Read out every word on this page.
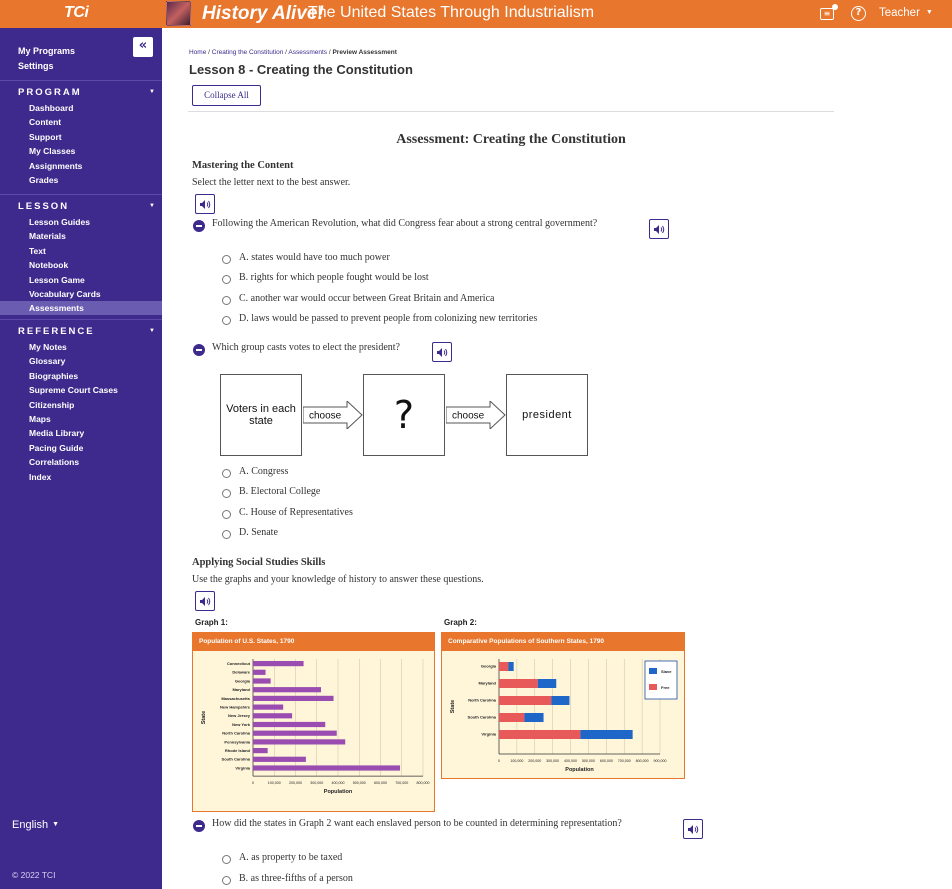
TCi	History Alive!
The United States Through Industrialism	≡	?	Teacher ▼
«
My Programs
Settings
PROGRAM	▼
Dashboard
Content
Support
My Classes
Assignments
Grades
LESSON	▼
Lesson Guides
Materials
Text
Notebook
Lesson Game
Vocabulary Cards
Assessments
REFERENCE	▼
My Notes
Glossary
Biographies
Supreme Court Cases
Citizenship
Maps
Media Library
Pacing Guide
Correlations
Index
English ▼
© 2022 TCI
Home / Creating the Constitution / Assessments / Preview Assessment
Lesson 8 - Creating the Constitution
Collapse All
Assessment: Creating the Constitution
Mastering the Content
Select the letter next to the best answer.
Following the American Revolution, what did Congress fear about a strong central government?
A. states would have too much power
B. rights for which people fought would be lost
C. another war would occur between Great Britain and America
D. laws would be passed to prevent people from colonizing new territories
Which group casts votes to elect the president?
Voters in each state	choose	?	choose	president
A. Congress
B. Electoral College
C. House of Representatives
D. Senate
Applying Social Studies Skills
Use the graphs and your knowledge of history to answer these questions.
Graph 1:
Population of U.S. States, 1790
0	100,000 200,000 300,000 400,000 500,000 600,000 700,000 800,000
Connecticut
Delaware
Georgia
Maryland
Massachusetts
New Hampshire
New Jersey
New York
North Carolina
Pennsylvania
Rhode Island
South Carolina
Virginia
State
Population
Graph 2:
Comparative Populations of Southern States, 1790
0	100,000 200,000 300,000 400,000 500,000 600,000 700,000 800,000 900,000
Georgia
Maryland
North Carolina
South Carolina
Virginia
Slave
Free
State
Population
How did the states in Graph 2 want each enslaved person to be counted in determining representation?
A. as property to be taxed
B. as three-fifths of a person
